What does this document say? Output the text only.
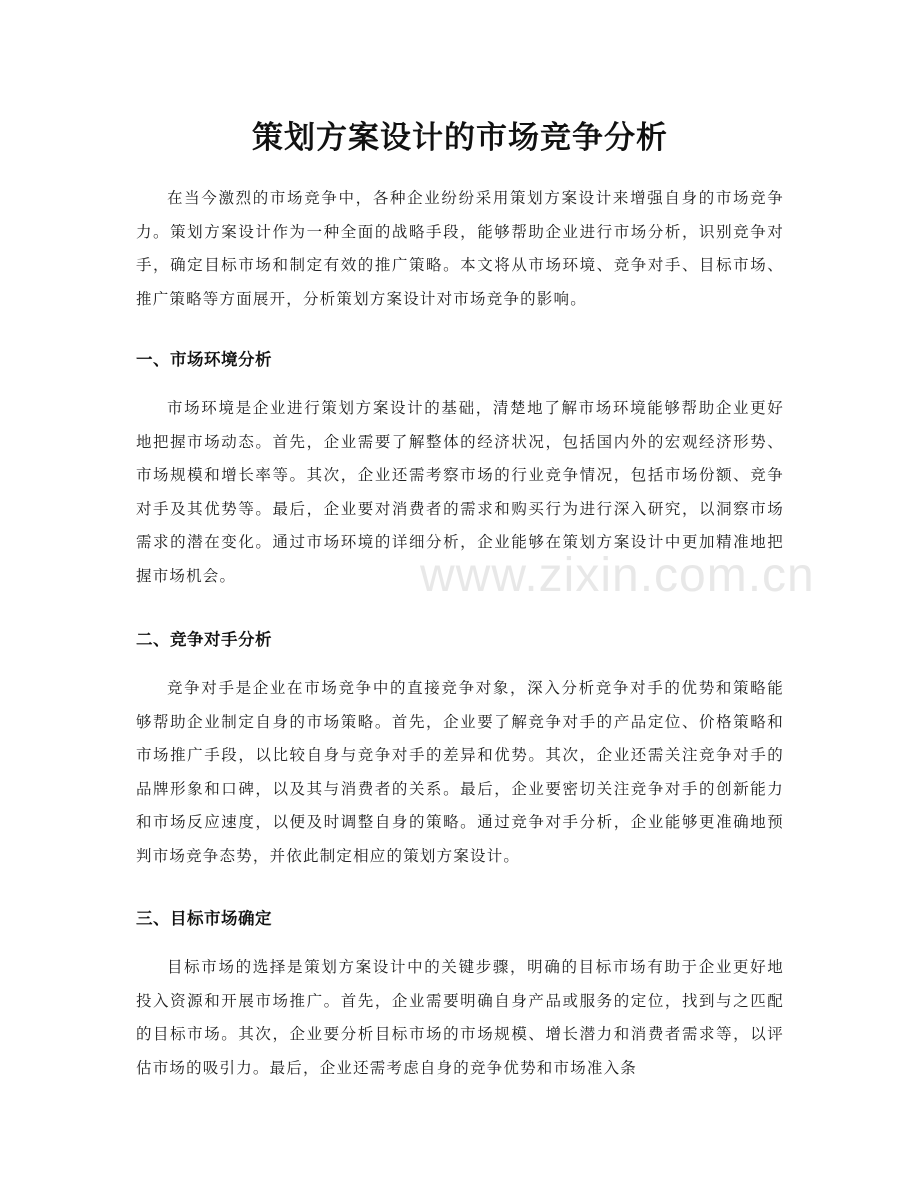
策划方案设计的市场竞争分析

在当今激烈的市场竞争中，各种企业纷纷采用策划方案设计来增强自身的市场竞争力。策划方案设计作为一种全面的战略手段，能够帮助企业进行市场分析，识别竞争对手，确定目标市场和制定有效的推广策略。本文将从市场环境、竞争对手、目标市场、推广策略等方面展开，分析策划方案设计对市场竞争的影响。

一、市场环境分析

市场环境是企业进行策划方案设计的基础，清楚地了解市场环境能够帮助企业更好地把握市场动态。首先，企业需要了解整体的经济状况，包括国内外的宏观经济形势、市场规模和增长率等。其次，企业还需考察市场的行业竞争情况，包括市场份额、竞争对手及其优势等。最后，企业要对消费者的需求和购买行为进行深入研究，以洞察市场需求的潜在变化。通过市场环境的详细分析，企业能够在策划方案设计中更加精准地把握市场机会。

二、竞争对手分析

竞争对手是企业在市场竞争中的直接竞争对象，深入分析竞争对手的优势和策略能够帮助企业制定自身的市场策略。首先，企业要了解竞争对手的产品定位、价格策略和市场推广手段，以比较自身与竞争对手的差异和优势。其次，企业还需关注竞争对手的品牌形象和口碑，以及其与消费者的关系。最后，企业要密切关注竞争对手的创新能力和市场反应速度，以便及时调整自身的策略。通过竞争对手分析，企业能够更准确地预判市场竞争态势，并依此制定相应的策划方案设计。

三、目标市场确定

目标市场的选择是策划方案设计中的关键步骤，明确的目标市场有助于企业更好地投入资源和开展市场推广。首先，企业需要明确自身产品或服务的定位，找到与之匹配的目标市场。其次，企业要分析目标市场的市场规模、增长潜力和消费者需求等，以评估市场的吸引力。最后，企业还需考虑自身的竞争优势和市场准入条

www.zixin.com.cn
